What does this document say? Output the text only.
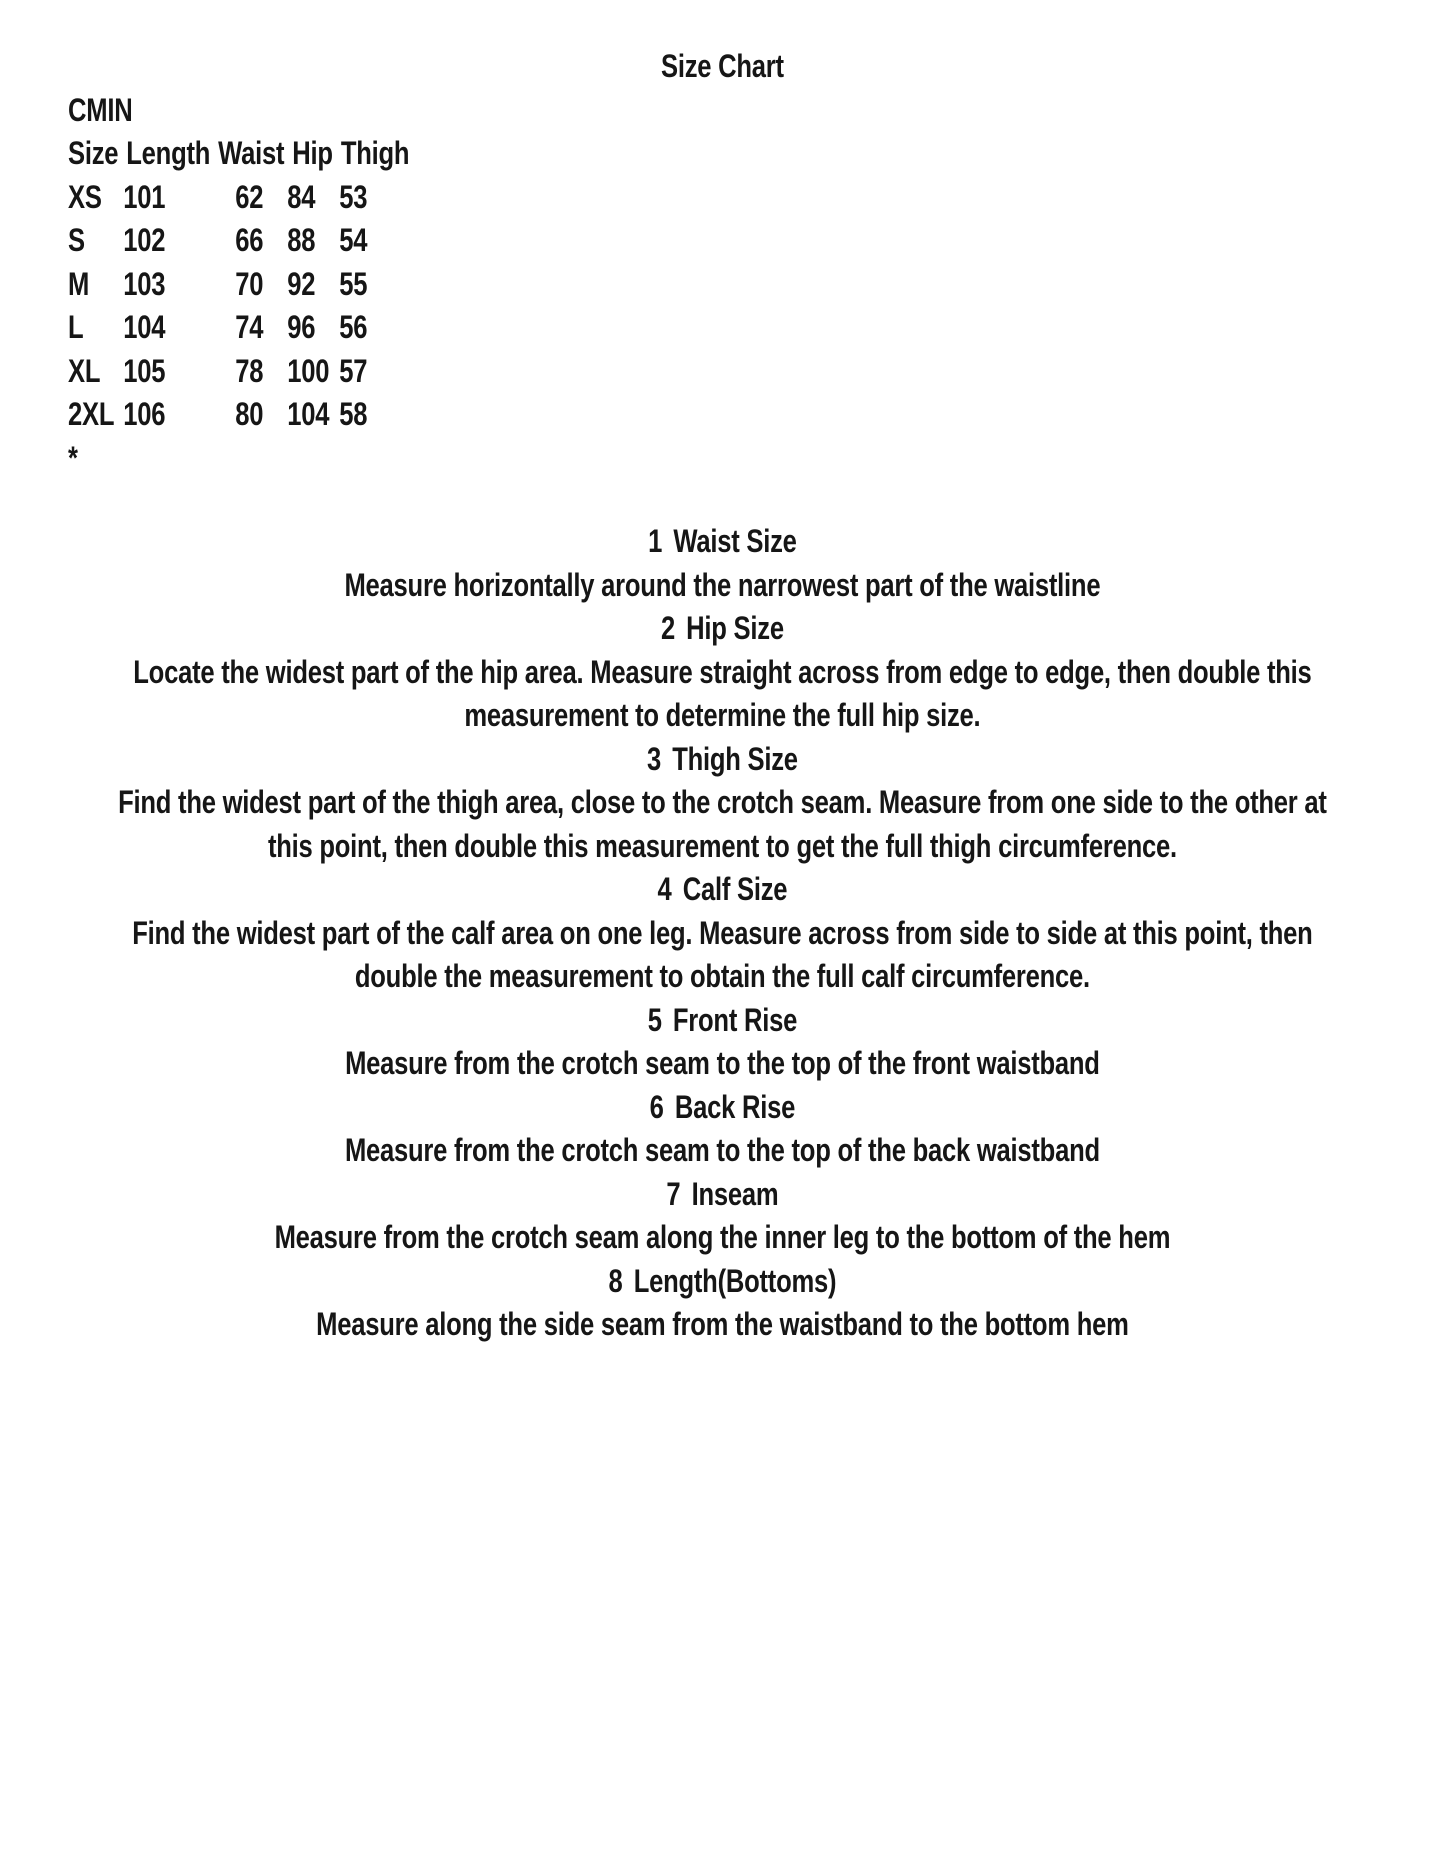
Size Chart
CMIN
Size Length Waist Hip Thigh
XS 101	62 84 53
S	102	66 88 54
M	103	70 92 55
L	104	74 96 56
XL 105	78 100 57
2XL 106	80 104 58
*
1 Waist Size
Measure horizontally around the narrowest part of the waistline
2 Hip Size
Locate the widest part of the hip area. Measure straight across from edge to edge, then double this
measurement to determine the full hip size.
3 Thigh Size
Find the widest part of the thigh area, close to the crotch seam. Measure from one side to the other at
this point, then double this measurement to get the full thigh circumference.
4 Calf Size
Find the widest part of the calf area on one leg. Measure across from side to side at this point, then
double the measurement to obtain the full calf circumference.
5 Front Rise
Measure from the crotch seam to the top of the front waistband
6 Back Rise
Measure from the crotch seam to the top of the back waistband
7 Inseam
Measure from the crotch seam along the inner leg to the bottom of the hem
8 Length(Bottoms)
Measure along the side seam from the waistband to the bottom hem
